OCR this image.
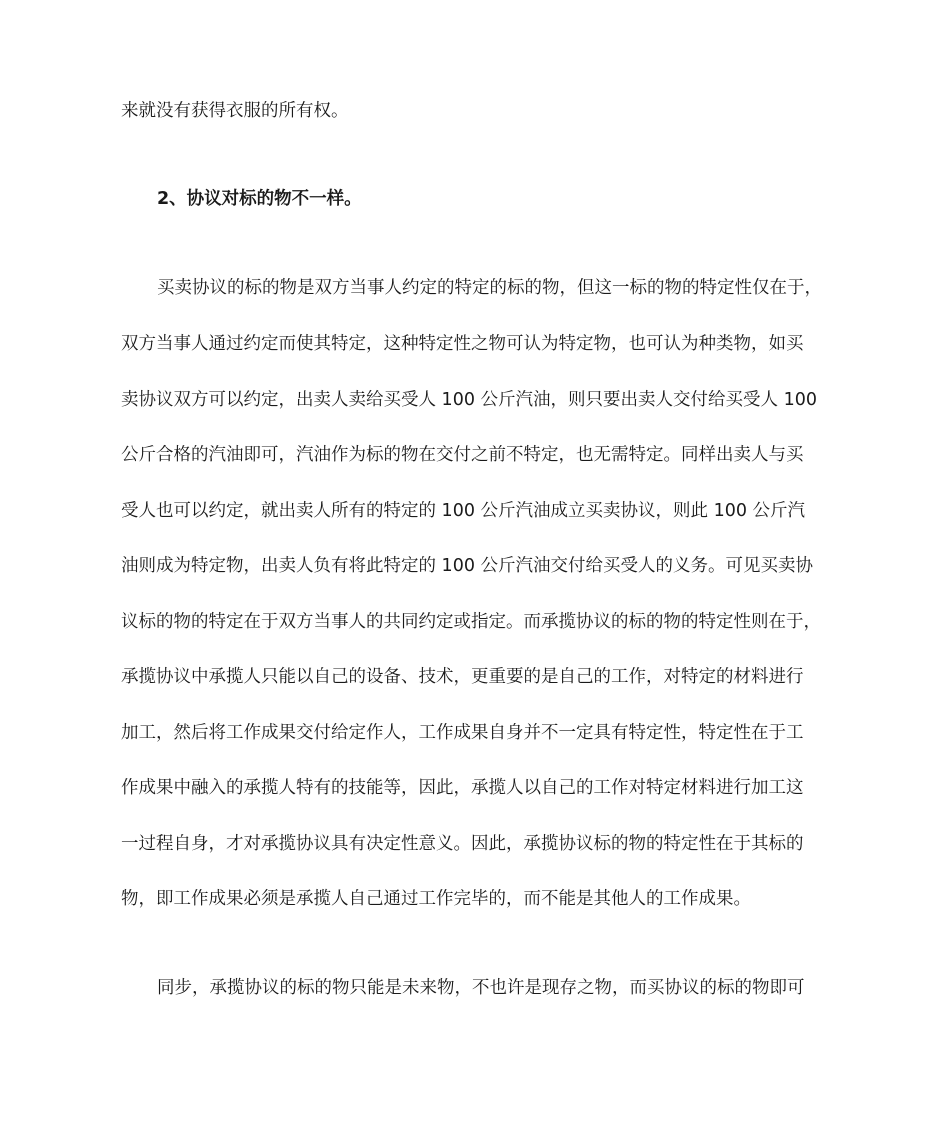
来就没有获得衣服的所有权。
2、协议对标的物不一样。
买卖协议的标的物是双方当事人约定的特定的标的物，但这一标的物的特定性仅在于，
双方当事人通过约定而使其特定，这种特定性之物可认为特定物，也可认为种类物，如买
卖协议双方可以约定，出卖人卖给买受人 100 公斤汽油，则只要出卖人交付给买受人 100
公斤合格的汽油即可，汽油作为标的物在交付之前不特定，也无需特定。同样出卖人与买
受人也可以约定，就出卖人所有的特定的 100 公斤汽油成立买卖协议，则此 100 公斤汽
油则成为特定物，出卖人负有将此特定的 100 公斤汽油交付给买受人的义务。可见买卖协
议标的物的特定在于双方当事人的共同约定或指定。而承揽协议的标的物的特定性则在于，
承揽协议中承揽人只能以自己的设备、技术，更重要的是自己的工作，对特定的材料进行
加工，然后将工作成果交付给定作人，工作成果自身并不一定具有特定性，特定性在于工
作成果中融入的承揽人特有的技能等，因此，承揽人以自己的工作对特定材料进行加工这
一过程自身，才对承揽协议具有决定性意义。因此，承揽协议标的物的特定性在于其标的
物，即工作成果必须是承揽人自己通过工作完毕的，而不能是其他人的工作成果。
同步，承揽协议的标的物只能是未来物，不也许是现存之物，而买协议的标的物即可
